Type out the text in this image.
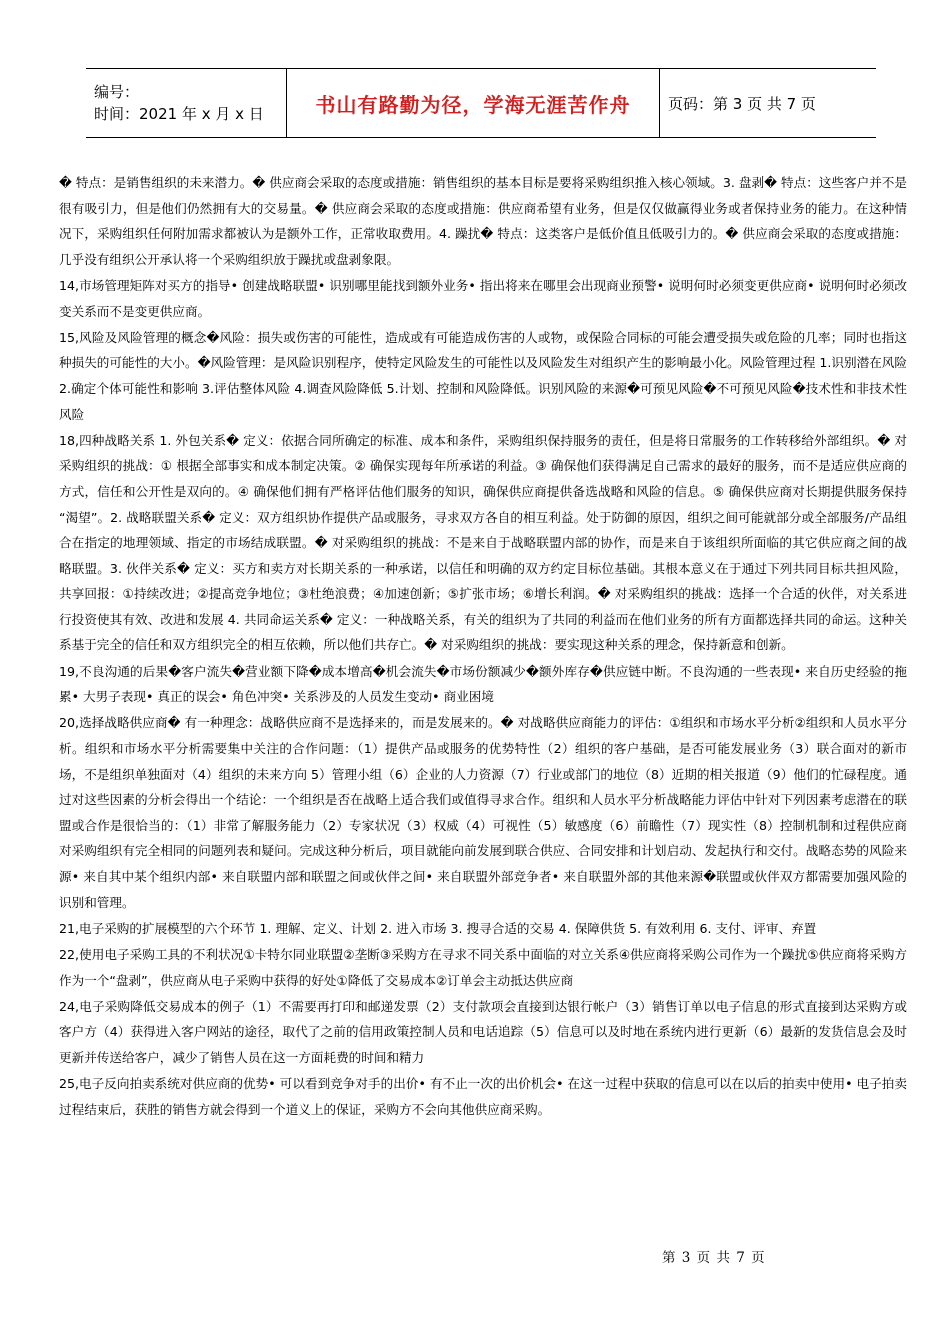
编号：
时间：2021 年 x 月 x 日	书山有路勤为径，学海无涯苦作舟	页码：第 3 页 共 7 页

� 特点：是销售组织的未来潜力。� 供应商会采取的态度或措施：销售组织的基本目标是要将采购组织推入核心领域。3. 盘剥� 特点：这些客户并不是很有吸引力，但是他们仍然拥有大的交易量。� 供应商会采取的态度或措施：供应商希望有业务，但是仅仅做赢得业务或者保持业务的能力。在这种情况下，采购组织任何附加需求都被认为是额外工作，正常收取费用。4. 躁扰� 特点：这类客户是低价值且低吸引力的。� 供应商会采取的态度或措施：几乎没有组织公开承认将一个采购组织放于躁扰或盘剥象限。

14,市场管理矩阵对买方的指导• 创建战略联盟• 识别哪里能找到额外业务• 指出将来在哪里会出现商业预警• 说明何时必须变更供应商• 说明何时必须改变关系而不是变更供应商。

15,风险及风险管理的概念�风险：损失或伤害的可能性，造成或有可能造成伤害的人或物，或保险合同标的可能会遭受损失或危险的几率；同时也指这种损失的可能性的大小。�风险管理：是风险识别程序，使特定风险发生的可能性以及风险发生对组织产生的影响最小化。风险管理过程 1.识别潜在风险 2.确定个体可能性和影响 3.评估整体风险 4.调查风险降低 5.计划、控制和风险降低。识别风险的来源�可预见风险�不可预见风险�技术性和非技术性风险

18,四种战略关系 1. 外包关系� 定义：依据合同所确定的标准、成本和条件，采购组织保持服务的责任，但是将日常服务的工作转移给外部组织。� 对采购组织的挑战：① 根据全部事实和成本制定决策。② 确保实现每年所承诺的利益。③ 确保他们获得满足自己需求的最好的服务，而不是适应供应商的方式，信任和公开性是双向的。④ 确保他们拥有严格评估他们服务的知识，确保供应商提供备选战略和风险的信息。⑤ 确保供应商对长期提供服务保持 “渴望”。2. 战略联盟关系� 定义：双方组织协作提供产品或服务，寻求双方各自的相互利益。处于防御的原因，组织之间可能就部分或全部服务/产品组合在指定的地理领域、指定的市场结成联盟。� 对采购组织的挑战：不是来自于战略联盟内部的协作，而是来自于该组织所面临的其它供应商之间的战略联盟。3. 伙伴关系� 定义：买方和卖方对长期关系的一种承诺，以信任和明确的双方约定目标位基础。其根本意义在于通过下列共同目标共担风险，共享回报：①持续改进；②提高竞争地位；③杜绝浪费；④加速创新；⑤扩张市场；⑥增长利润。� 对采购组织的挑战：选择一个合适的伙伴，对关系进行投资使其有效、改进和发展 4. 共同命运关系� 定义：一种战略关系，有关的组织为了共同的利益而在他们业务的所有方面都选择共同的命运。这种关系基于完全的信任和双方组织完全的相互依赖，所以他们共存亡。� 对采购组织的挑战：要实现这种关系的理念，保持新意和创新。

19,不良沟通的后果�客户流失�营业额下降�成本增高�机会流失�市场份额减少�额外库存�供应链中断。不良沟通的一些表现• 来自历史经验的拖累• 大男子表现• 真正的误会• 角色冲突• 关系涉及的人员发生变动• 商业困境

20,选择战略供应商� 有一种理念：战略供应商不是选择来的，而是发展来的。� 对战略供应商能力的评估：①组织和市场水平分析②组织和人员水平分析。组织和市场水平分析需要集中关注的合作问题：（1）提供产品或服务的优势特性（2）组织的客户基础，是否可能发展业务（3）联合面对的新市场，不是组织单独面对（4）组织的未来方向 5）管理小组（6）企业的人力资源（7）行业或部门的地位（8）近期的相关报道（9）他们的忙碌程度。通过对这些因素的分析会得出一个结论：一个组织是否在战略上适合我们或值得寻求合作。组织和人员水平分析战略能力评估中针对下列因素考虑潜在的联盟或合作是很恰当的：（1）非常了解服务能力（2）专家状况（3）权威（4）可视性（5）敏感度（6）前瞻性（7）现实性（8）控制机制和过程供应商对采购组织有完全相同的问题列表和疑问。完成这种分析后，项目就能向前发展到联合供应、合同安排和计划启动、发起执行和交付。战略态势的风险来源• 来自其中某个组织内部• 来自联盟内部和联盟之间或伙伴之间• 来自联盟外部竞争者• 来自联盟外部的其他来源�联盟或伙伴双方都需要加强风险的识别和管理。

21,电子采购的扩展模型的六个环节 1. 理解、定义、计划 2. 进入市场 3. 搜寻合适的交易 4. 保障供货 5. 有效利用 6. 支付、评审、弃置

22,使用电子采购工具的不利状况①卡特尔同业联盟②垄断③采购方在寻求不同关系中面临的对立关系④供应商将采购公司作为一个躁扰⑤供应商将采购方作为一个“盘剥”，供应商从电子采购中获得的好处①降低了交易成本②订单会主动抵达供应商

24,电子采购降低交易成本的例子（1）不需要再打印和邮递发票（2）支付款项会直接到达银行帐户（3）销售订单以电子信息的形式直接到达采购方或客户方（4）获得进入客户网站的途径，取代了之前的信用政策控制人员和电话追踪（5）信息可以及时地在系统内进行更新（6）最新的发货信息会及时更新并传送给客户，减少了销售人员在这一方面耗费的时间和精力

25,电子反向拍卖系统对供应商的优势• 可以看到竞争对手的出价• 有不止一次的出价机会• 在这一过程中获取的信息可以在以后的拍卖中使用• 电子拍卖过程结束后，获胜的销售方就会得到一个道义上的保证，采购方不会向其他供应商采购。

第 3 页 共 7 页
